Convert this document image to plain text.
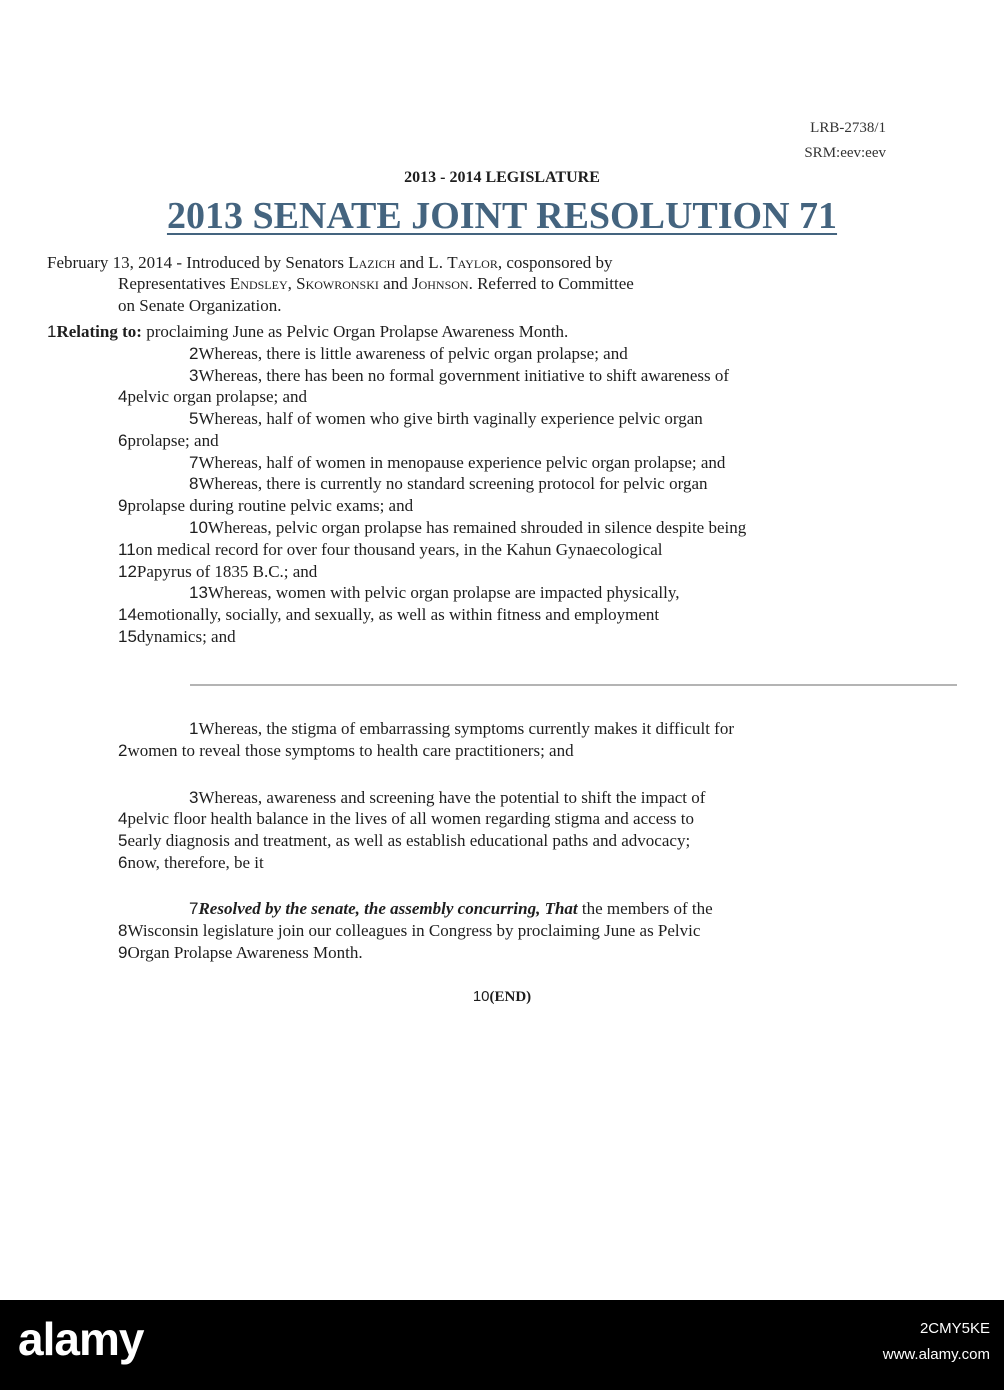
LRB-2738/1
SRM:eev:eev
2013 - 2014 LEGISLATURE
2013 SENATE JOINT RESOLUTION 71
February 13, 2014 - Introduced by Senators Lazich and L. Taylor, cosponsored by
Representatives Endsley, Skowronski and Johnson. Referred to Committee
on Senate Organization.
1Relating to: proclaiming June as Pelvic Organ Prolapse Awareness Month.
2Whereas, there is little awareness of pelvic organ prolapse; and
3Whereas, there has been no formal government initiative to shift awareness of
4pelvic organ prolapse; and
5Whereas, half of women who give birth vaginally experience pelvic organ
6prolapse; and
7Whereas, half of women in menopause experience pelvic organ prolapse; and
8Whereas, there is currently no standard screening protocol for pelvic organ
9prolapse during routine pelvic exams; and
10Whereas, pelvic organ prolapse has remained shrouded in silence despite being
11on medical record for over four thousand years, in the Kahun Gynaecological
12Papyrus of 1835 B.C.; and
13Whereas, women with pelvic organ prolapse are impacted physically,
14emotionally, socially, and sexually, as well as within fitness and employment
15dynamics; and
1Whereas, the stigma of embarrassing symptoms currently makes it difficult for
2women to reveal those symptoms to health care practitioners; and
3Whereas, awareness and screening have the potential to shift the impact of
4pelvic floor health balance in the lives of all women regarding stigma and access to
5early diagnosis and treatment, as well as establish educational paths and advocacy;
6now, therefore, be it
7Resolved by the senate, the assembly concurring, That the members of the
8Wisconsin legislature join our colleagues in Congress by proclaiming June as Pelvic
9Organ Prolapse Awareness Month.
10(END)
alamy	2CMY5KE
www.alamy.com
